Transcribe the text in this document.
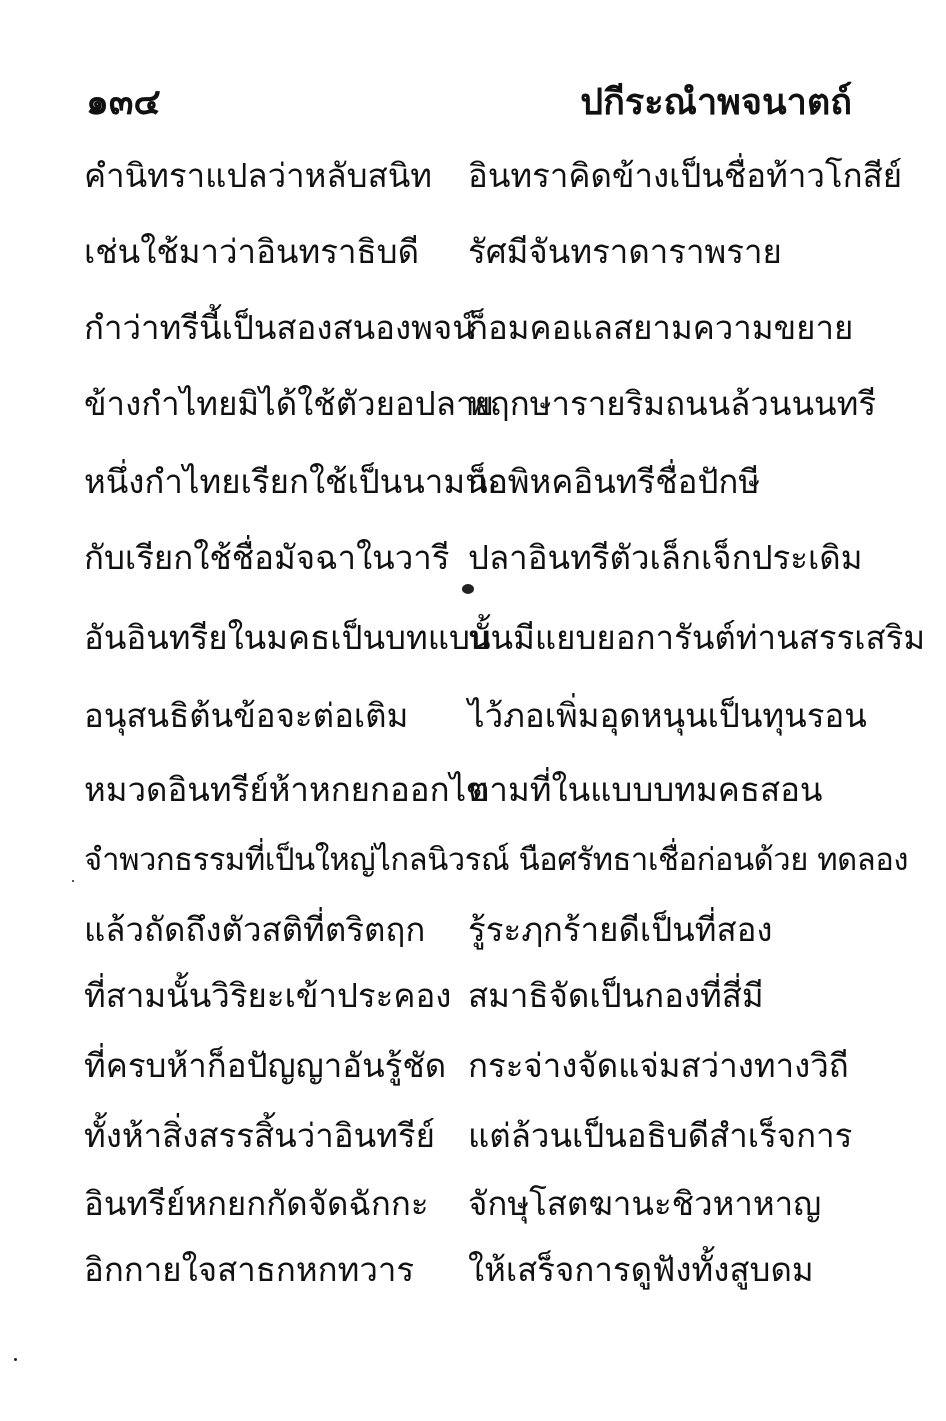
๑๓๔	ปกีระณำพจนาตถ์
คำนิทราแปลว่าหลับสนิท อินทราคิดข้างเป็นชื่อท้าวโกสีย์
เช่นใช้มาว่าอินทราธิบดี รัศมีจันทราดาราพราย
กำว่าทรีนี้เป็นสองสนองพจน์
ก็อมคอแลสยามความขยาย
ข้างกำไทยมิได้ใช้ตัวยอปลาย
พฤกษารายริมถนนล้วนนนทรี
หนึ่งกำไทยเรียกใช้เป็นนามนก
ก็อพิหคอินทรีชื่อปักษี
กับเรียกใช้ชื่อมัจฉาในวารี ปลาอินทรีตัวเล็กเจ็กประเดิม
อันอินทรียในมคธเป็นบทแบบ
นั้นมีแยบยอการันต์ท่านสรรเสริม
อนุสนธิต้นข้อจะต่อเติม ไว้ภอเพิ่มอุดหนุนเป็นทุนรอน
หมวดอินทรีย์ห้าหกยกออกไข
ตามที่ในแบบบทมคธสอน
จำพวกธรรมที่เป็นใหญ่ไกลนิวรณ์ นือศรัทธาเชื่อก่อนด้วย ทดลอง
แล้วถัดถึงตัวสติที่ตริตฤก รู้ระฦกร้ายดีเป็นที่สอง
ที่สามนั้นวิริยะเข้าประคอง สมาธิจัดเป็นกองที่สี่มี
ที่ครบห้าก็อปัญญาอันรู้ชัด กระจ่างจัดแจ่มสว่างทางวิถี
ทั้งห้าสิ่งสรรสิ้นว่าอินทรีย์ แต่ล้วนเป็นอธิบดีสำเร็จการ
อินทรีย์หกยกกัดจัดฉักกะ จักษุโสตฆานะชิวหาหาญ
อิกกายใจสาธกหกทวาร ให้เสร็จการดูฟังทั้งสูบดม
